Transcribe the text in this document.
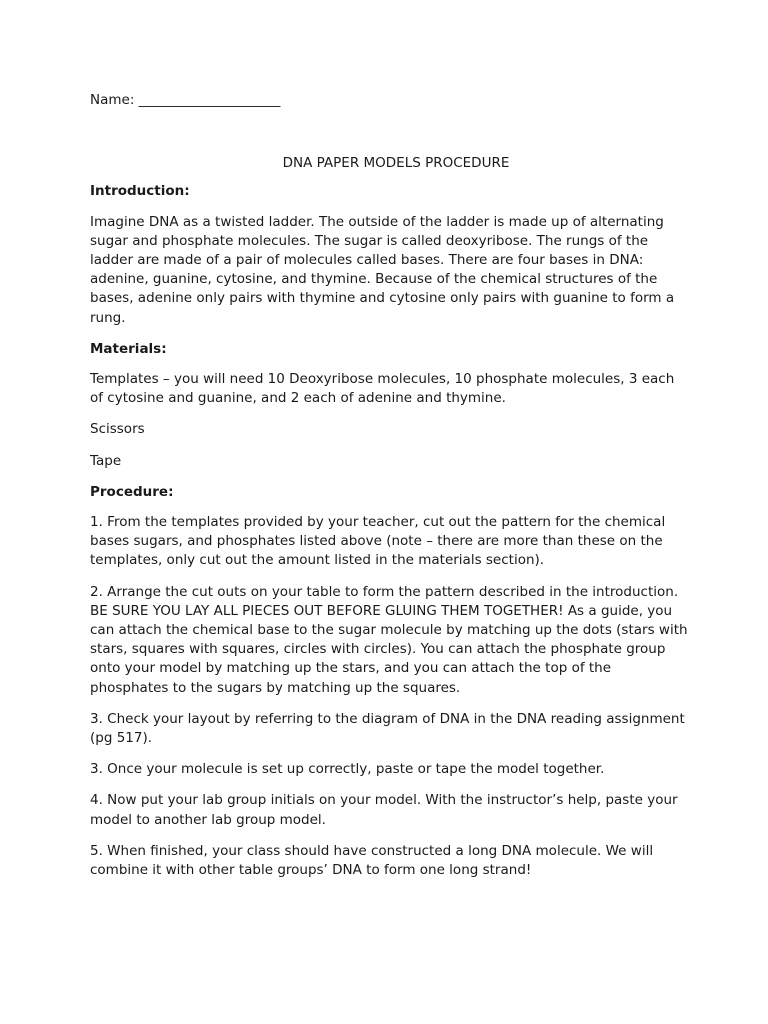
Name: _____________________

DNA PAPER MODELS PROCEDURE

Introduction:

Imagine DNA as a twisted ladder. The outside of the ladder is made up of alternating sugar and phosphate molecules. The sugar is called deoxyribose. The rungs of the ladder are made of a pair of molecules called bases. There are four bases in DNA: adenine, guanine, cytosine, and thymine. Because of the chemical structures of the bases, adenine only pairs with thymine and cytosine only pairs with guanine to form a rung.

Materials:

Templates – you will need 10 Deoxyribose molecules, 10 phosphate molecules, 3 each of cytosine and guanine, and 2 each of adenine and thymine.

Scissors

Tape

Procedure:

1. From the templates provided by your teacher, cut out the pattern for the chemical bases sugars, and phosphates listed above (note – there are more than these on the templates, only cut out the amount listed in the materials section).

2. Arrange the cut outs on your table to form the pattern described in the introduction. BE SURE YOU LAY ALL PIECES OUT BEFORE GLUING THEM TOGETHER! As a guide, you can attach the chemical base to the sugar molecule by matching up the dots (stars with stars, squares with squares, circles with circles). You can attach the phosphate group onto your model by matching up the stars, and you can attach the top of the phosphates to the sugars by matching up the squares.

3. Check your layout by referring to the diagram of DNA in the DNA reading assignment (pg 517).

3. Once your molecule is set up correctly, paste or tape the model together.

4. Now put your lab group initials on your model. With the instructor’s help, paste your model to another lab group model.

5. When finished, your class should have constructed a long DNA molecule. We will combine it with other table groups’ DNA to form one long strand!
